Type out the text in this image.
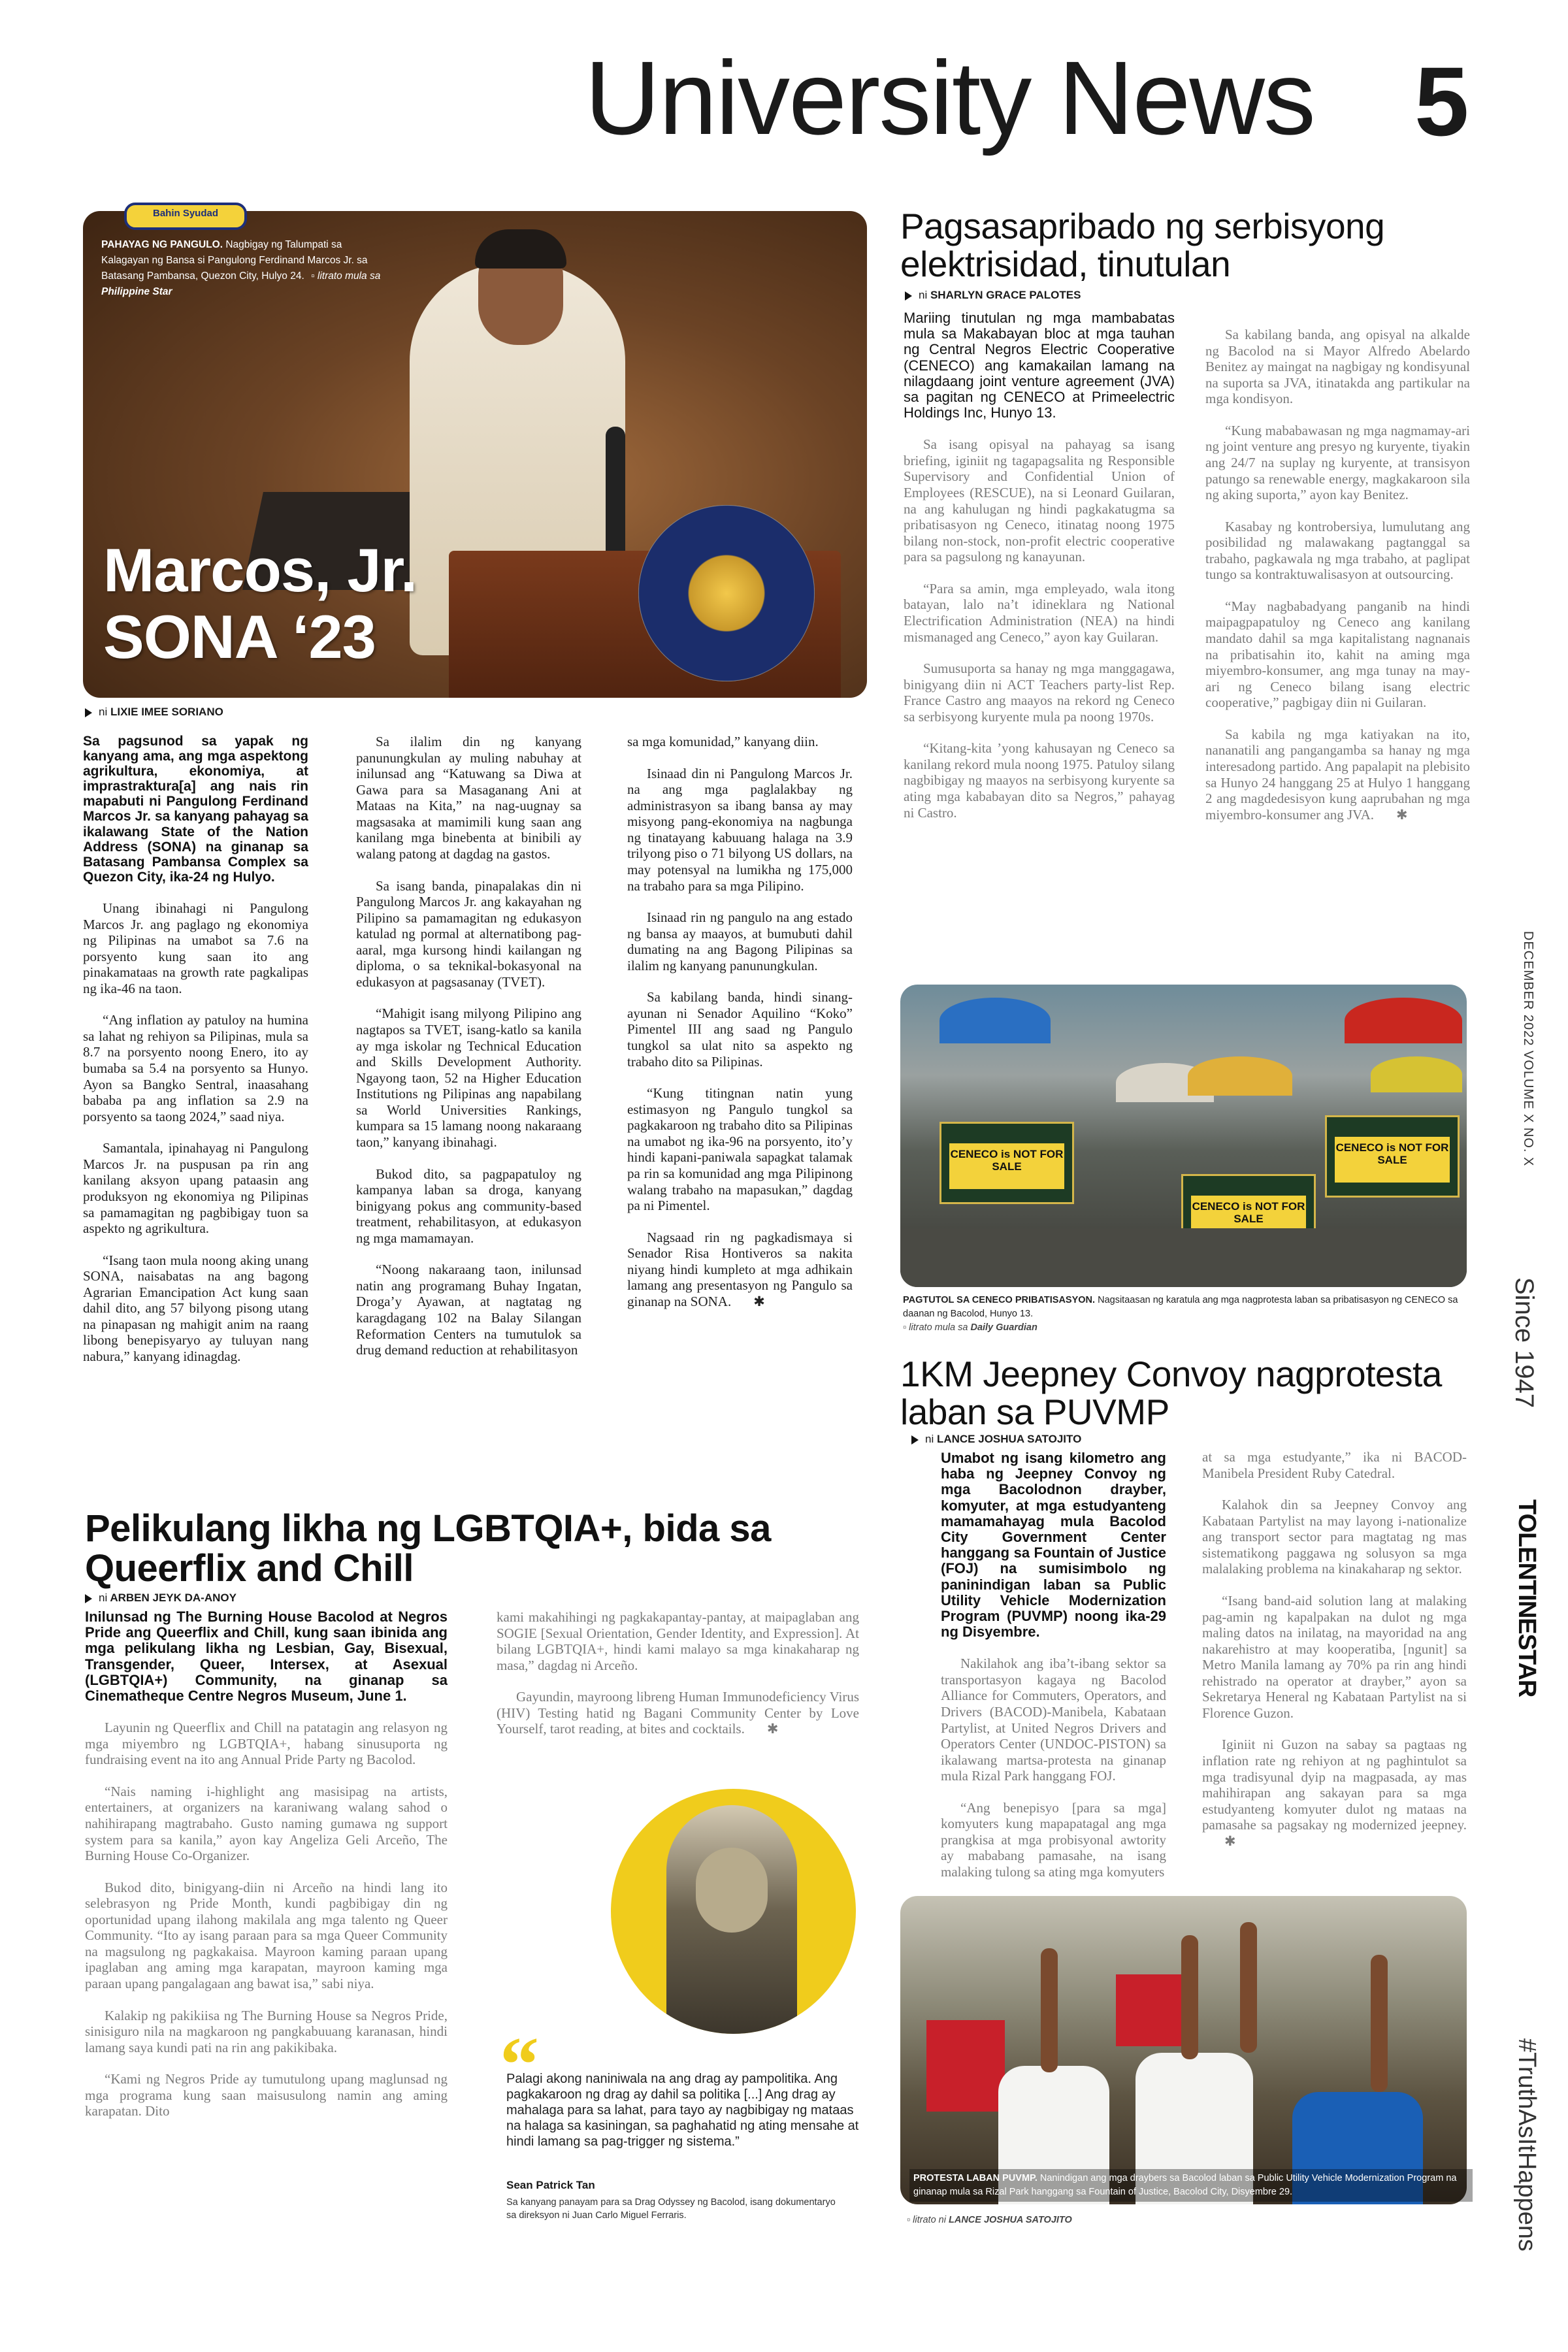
University News 5
Bahin Syudad
PAHAYAG NG PANGULO. Nagbigay ng Talumpati sa Kalagayan ng Bansa si Pangulong Ferdinand Marcos Jr. sa Batasang Pambansa, Quezon City, Hulyo 24. ▫ litrato mula sa Philippine Star
Marcos, Jr.
SONA ‘23
ni LIXIE IMEE SORIANO

Sa pagsunod sa yapak ng kanyang ama, ang mga aspektong agrikultura, ekonomiya, at imprastraktura[a] ang nais rin mapabuti ni Pangulong Ferdinand Marcos Jr. sa kanyang pahayag sa ikalawang State of the Nation Address (SONA) na ginanap sa Batasang Pambansa Complex sa Quezon City, ika-24 ng Hulyo.

Unang ibinahagi ni Pangulong Marcos Jr. ang paglago ng ekonomiya ng Pilipinas na umabot sa 7.6 na porsyento kung saan ito ang pinakamataas na growth rate pagkalipas ng ika-46 na taon.

“Ang inflation ay patuloy na humina sa lahat ng rehiyon sa Pilipinas, mula sa 8.7 na porsyento noong Enero, ito ay bumaba sa 5.4 na porsyento sa Hunyo. Ayon sa Bangko Sentral, inaasahang bababa pa ang inflation sa 2.9 na porsyento sa taong 2024,” saad niya.

Samantala, ipinahayag ni Pangulong Marcos Jr. na puspusan pa rin ang kanilang aksyon upang pataasin ang produksyon ng ekonomiya ng Pilipinas sa pamamagitan ng pagbibigay tuon sa aspekto ng agrikultura.

“Isang taon mula noong aking unang SONA, naisabatas na ang bagong Agrarian Emancipation Act kung saan dahil dito, ang 57 bilyong pisong utang na pinapasan ng mahigit anim na raang libong benepisyaryo ay tuluyan nang nabura,” kanyang idinagdag.

Sa ilalim din ng kanyang panunungkulan ay muling nabuhay at inilunsad ang “Katuwang sa Diwa at Gawa para sa Masaganang Ani at Mataas na Kita,” na nag-uugnay sa magsasaka at mamimili kung saan ang kanilang mga binebenta at binibili ay walang patong at dagdag na gastos.

Sa isang banda, pinapalakas din ni Pangulong Marcos Jr. ang kakayahan ng Pilipino sa pamamagitan ng edukasyon katulad ng pormal at alternatibong pag-aaral, mga kursong hindi kailangan ng diploma, o sa teknikal-bokasyonal na edukasyon at pagsasanay (TVET).

“Mahigit isang milyong Pilipino ang nagtapos sa TVET, isang-katlo sa kanila ay mga iskolar ng Technical Education and Skills Development Authority. Ngayong taon, 52 na Higher Education Institutions ng Pilipinas ang napabilang sa World Universities Rankings, kumpara sa 15 lamang noong nakaraang taon,” kanyang ibinahagi.

Bukod dito, sa pagpapatuloy ng kampanya laban sa droga, kanyang binigyang pokus ang community-based treatment, rehabilitasyon, at edukasyon ng mga mamamayan.

“Noong nakaraang taon, inilunsad natin ang programang Buhay Ingatan, Droga’y Ayawan, at nagtatag ng karagdagang 102 na Balay Silangan Reformation Centers na tumutulok sa drug demand reduction at rehabilitasyon

sa mga komunidad,” kanyang diin.

Isinaad din ni Pangulong Marcos Jr. na ang mga paglalakbay ng administrasyon sa ibang bansa ay may misyong pang-ekonomiya na nagbunga ng tinatayang kabuuang halaga na 3.9 trilyong piso o 71 bilyong US dollars, na may potensyal na lumikha ng 175,000 na trabaho para sa mga Pilipino.

Isinaad rin ng pangulo na ang estado ng bansa ay maayos, at bumubuti dahil dumating na ang Bagong Pilipinas sa ilalim ng kanyang panunungkulan.

Sa kabilang banda, hindi sinang-ayunan ni Senador Aquilino “Koko” Pimentel III ang saad ng Pangulo tungkol sa ulat nito sa aspekto ng trabaho dito sa Pilipinas.

“Kung titingnan natin yung estimasyon ng Pangulo tungkol sa pagkakaroon ng trabaho dito sa Pilipinas na umabot ng ika-96 na porsyento, ito’y hindi kapani-paniwala sapagkat talamak pa rin sa komunidad ang mga Pilipinong walang trabaho na mapasukan,” dagdag pa ni Pimentel.

Nagsaad rin ng pagkadismaya si Senador Risa Hontiveros sa nakita niyang hindi kumpleto at mga adhikain lamang ang presentasyon ng Pangulo sa ginanap na SONA. ✱

Pagsasapribado ng serbisyong elektrisidad, tinutulan
ni SHARLYN GRACE PALOTES

Mariing tinutulan ng mga mambabatas mula sa Makabayan bloc at mga tauhan ng Central Negros Electric Cooperative (CENECO) ang kamakailan lamang na nilagdaang joint venture agreement (JVA) sa pagitan ng CENECO at Primeelectric Holdings Inc, Hunyo 13.

Sa isang opisyal na pahayag sa isang briefing, iginiit ng tagapagsalita ng Responsible Supervisory and Confidential Union of Employees (RESCUE), na si Leonard Guilaran, na ang kahulugan ng hindi pagkakatugma sa pribatisasyon ng Ceneco, itinatag noong 1975 bilang non-stock, non-profit electric cooperative para sa pagsulong ng kanayunan.

“Para sa amin, mga empleyado, wala itong batayan, lalo na’t idineklara ng National Electrification Administration (NEA) na hindi mismanaged ang Ceneco,” ayon kay Guilaran.

Sumusuporta sa hanay ng mga manggagawa, binigyang diin ni ACT Teachers party-list Rep. France Castro ang maayos na rekord ng Ceneco sa serbisyong kuryente mula pa noong 1970s.

“Kitang-kita ’yong kahusayan ng Ceneco sa kanilang rekord mula noong 1975. Patuloy silang nagbibigay ng maayos na serbisyong kuryente sa ating mga kababayan dito sa Negros,” pahayag ni Castro.

Sa kabilang banda, ang opisyal na alkalde ng Bacolod na si Mayor Alfredo Abelardo Benitez ay maingat na nagbigay ng kondisyunal na suporta sa JVA, itinatakda ang partikular na mga kondisyon.

“Kung mababawasan ng mga nagmamay-ari ng joint venture ang presyo ng kuryente, tiyakin ang 24/7 na suplay ng kuryente, at transisyon patungo sa renewable energy, magkakaroon sila ng aking suporta,” ayon kay Benitez.

Kasabay ng kontrobersiya, lumulutang ang posibilidad ng malawakang pagtanggal sa trabaho, pagkawala ng mga trabaho, at paglipat tungo sa kontraktuwalisasyon at outsourcing.

“May nagbabadyang panganib na hindi maipagpapatuloy ng Ceneco ang kanilang mandato dahil sa mga kapitalistang nagnanais na pribatisahin ito, kahit na aming mga miyembro-konsumer, ang mga tunay na may-ari ng Ceneco bilang isang electric cooperative,” pagbigay diin ni Guilaran.

Sa kabila ng mga katiyakan na ito, nananatili ang pangangamba sa hanay ng mga interesadong partido. Ang papalapit na plebisito sa Hunyo 24 hanggang 25 at Hulyo 1 hanggang 2 ang magdedesisyon kung aaprubahan ng mga miyembro-konsumer ang JVA. ✱

CENECO is NOT FOR SALE
CENECO is NOT FOR SALE
CENECO is NOT FOR SALE
PAGTUTOL SA CENECO PRIBATISASYON. Nagsitaasan ng karatula ang mga nagprotesta laban sa pribatisasyon ng CENECO sa daanan ng Bacolod, Hunyo 13.
▫ litrato mula sa Daily Guardian
1KM Jeepney Convoy nagprotesta laban sa PUVMP
ni LANCE JOSHUA SATOJITO

Umabot ng isang kilometro ang haba ng Jeepney Convoy ng mga Bacolodnon drayber, komyuter, at mga estudyanteng mamamahayag mula Bacolod City Government Center hanggang sa Fountain of Justice (FOJ) na sumisimbolo ng paninindigan laban sa Public Utility Vehicle Modernization Program (PUVMP) noong ika-29 ng Disyembre.

Nakilahok ang iba’t-ibang sektor sa transportasyon kagaya ng Bacolod Alliance for Commuters, Operators, and Drivers (BACOD)-Manibela, Kabataan Partylist, at United Negros Drivers and Operators Center (UNDOC-PISTON) sa ikalawang martsa-protesta na ginanap mula Rizal Park hanggang FOJ.

“Ang benepisyo [para sa mga] komyuters kung mapapatagal ang mga prangkisa at mga probisyonal awtority ay mababang pamasahe, na isang malaking tulong sa ating mga komyuters

at sa mga estudyante,” ika ni BACOD-Manibela President Ruby Catedral.

Kalahok din sa Jeepney Convoy ang Kabataan Partylist na may layong i-nationalize ang transport sector para magtatag ng mas sistematikong paggawa ng solusyon sa mga malalaking problema na kinakaharap ng sektor.

“Isang band-aid solution lang at malaking pag-amin ng kapalpakan na dulot ng mga maling datos na inilatag, na mayoridad na ang nakarehistro at may kooperatiba, [ngunit] sa Metro Manila lamang ay 70% pa rin ang hindi rehistrado na operator at drayber,” ayon sa Sekretarya Heneral ng Kabataan Partylist na si Florence Guzon.

Iginiit ni Guzon na sabay sa pagtaas ng inflation rate ng rehiyon at ng paghintulot sa mga tradisyunal dyip na magpasada, ay mas mahihirapan ang sakayan para sa mga estudyanteng komyuter dulot ng mataas na pamasahe sa pagsakay ng modernized jeepney.✱

PROTESTA LABAN PUVMP. Nanindigan ang mga draybers sa Bacolod laban sa Public Utility Vehicle Modernization Program na ginanap mula sa Rizal Park hanggang sa Fountain of Justice, Bacolod City, Disyembre 29.
▫ litrato ni LANCE JOSHUA SATOJITO
Pelikulang likha ng LGBTQIA+, bida sa Queerflix and Chill
ni ARBEN JEYK DA-ANOY

Inilunsad ng The Burning House Bacolod at Negros Pride ang Queerflix and Chill, kung saan ibinida ang mga pelikulang likha ng Lesbian, Gay, Bisexual, Transgender, Queer, Intersex, at Asexual (LGBTQIA+) Community, na ginanap sa Cinematheque Centre Negros Museum, June 1.

Layunin ng Queerflix and Chill na patatagin ang relasyon ng mga miyembro ng LGBTQIA+, habang sinusuporta ng fundraising event na ito ang Annual Pride Party ng Bacolod.

“Nais naming i-highlight ang masisipag na artists, entertainers, at organizers na karaniwang walang sahod o nahihirapang magtrabaho. Gusto naming gumawa ng support system para sa kanila,” ayon kay Angeliza Geli Arceño, The Burning House Co-Organizer.

Bukod dito, binigyang-diin ni Arceño na hindi lang ito selebrasyon ng Pride Month, kundi pagbibigay din ng oportunidad upang ilahong makilala ang mga talento ng Queer Community. “Ito ay isang paraan para sa mga Queer Community na magsulong ng pagkakaisa. Mayroon kaming paraan upang ipaglaban ang aming mga karapatan, mayroon kaming mga paraan upang pangalagaan ang bawat isa,” sabi niya.

Kalakip ng pakikiisa ng The Burning House sa Negros Pride, sinisiguro nila na magkaroon ng pangkabuuang karanasan, hindi lamang saya kundi pati na rin ang pakikibaka.

“Kami ng Negros Pride ay tumutulong upang maglunsad ng mga programa kung saan maisusulong namin ang aming karapatan. Dito

kami makahihingi ng pagkakapantay-pantay, at maipaglaban ang SOGIE [Sexual Orientation, Gender Identity, and Expression]. At bilang LGBTQIA+, hindi kami malayo sa mga kinakaharap ng masa,” dagdag ni Arceño.

Gayundin, mayroong libreng Human Immunodeficiency Virus (HIV) Testing hatid ng Bagani Community Center by Love Yourself, tarot reading, at bites and cocktails. ✱

“
Palagi akong naniniwala na ang drag ay pampolitika. Ang pagkakaroon ng drag ay dahil sa politika [...] Ang drag ay mahalaga para sa lahat, para tayo ay nagbibigay ng mataas na halaga sa kasiningan, sa paghahatid ng ating mensahe at hindi lamang sa pag-trigger ng sistema.”
Sean Patrick Tan
Sa kanyang panayam para sa Drag Odyssey ng Bacolod, isang dokumentaryo sa direksyon ni Juan Carlo Miguel Ferraris.
DECEMBER 2022 VOLUME X NO. X
Since 1947
TOLENTINESTAR
#TruthAsItHappens
